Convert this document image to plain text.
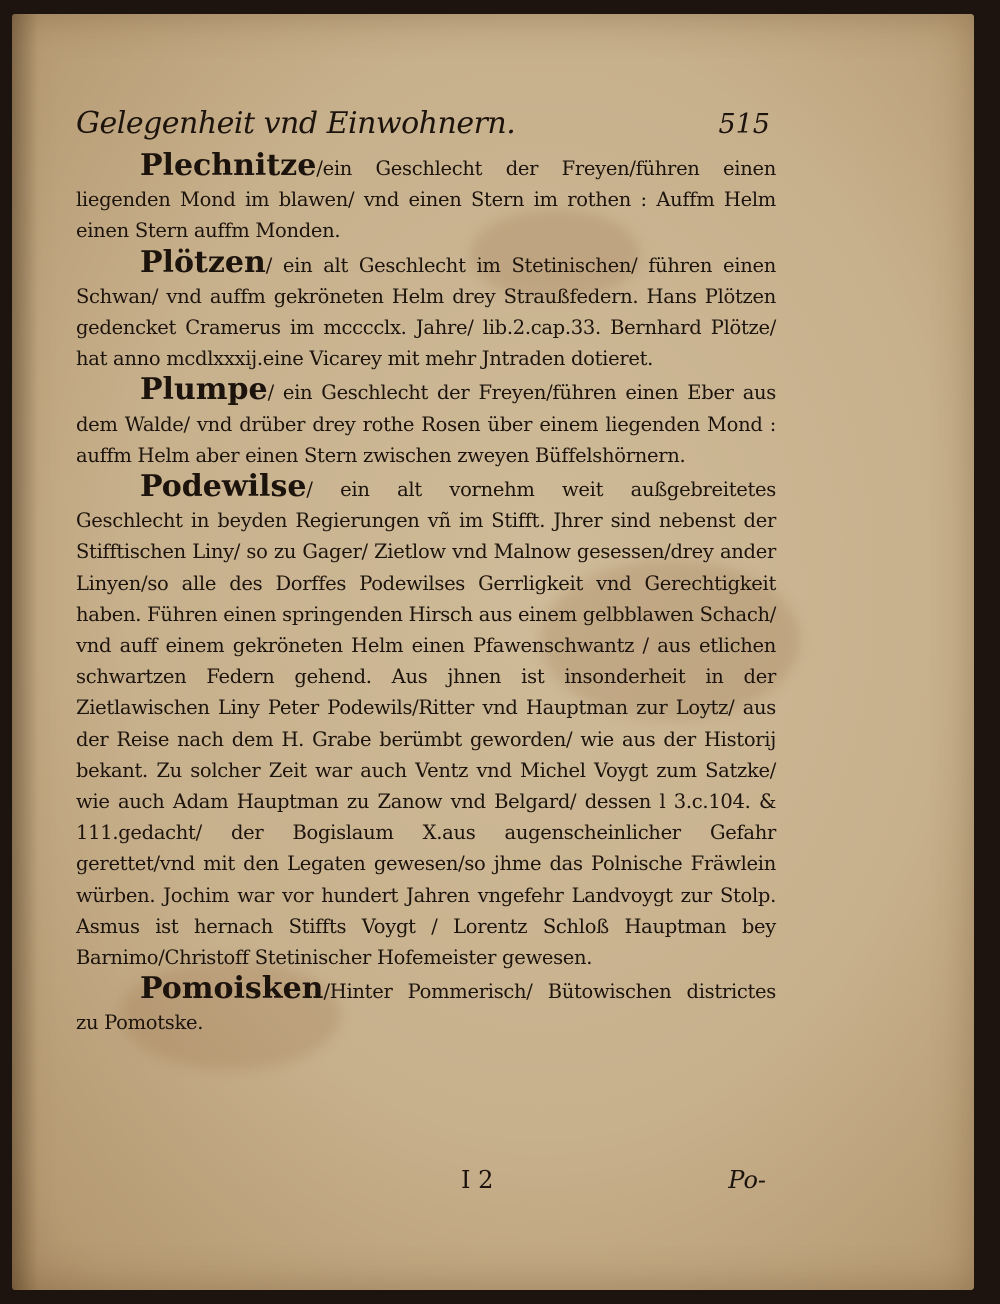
Gelegenheit vnd Einwohnern.	515

Plechnitze/ein Geschlecht der Freyen/führen einen liegenden Mond im blawen/ vnd einen Stern im rothen : Auffm Helm einen Stern auffm Monden.

Plötzen/ ein alt Geschlecht im Stetinischen/ führen einen Schwan/ vnd auffm gekröneten Helm drey Straußfedern. Hans Plötzen gedencket Cramerus im mcccclx. Jahre/ lib.2.cap.33. Bernhard Plötze/ hat anno mcdlxxxij.eine Vicarey mit mehr Jntraden dotieret.

Plumpe/ ein Geschlecht der Freyen/führen einen Eber aus dem Walde/ vnd drüber drey rothe Rosen über einem liegenden Mond : auffm Helm aber einen Stern zwischen zweyen Büffelshörnern.

Podewilse/ ein alt vornehm weit außgebreitetes Geschlecht in beyden Regierungen vñ im Stifft. Jhrer sind nebenst der Stifftischen Liny/ so zu Gager/ Zietlow vnd Malnow gesessen/drey ander Linyen/so alle des Dorffes Podewilses Gerrligkeit vnd Gerechtigkeit haben. Führen einen springenden Hirsch aus einem gelbblawen Schach/ vnd auff einem gekröneten Helm einen Pfawenschwantz / aus etlichen schwartzen Federn gehend. Aus jhnen ist insonderheit in der Zietlawischen Liny Peter Podewils/Ritter vnd Hauptman zur Loytz/ aus der Reise nach dem H. Grabe berümbt geworden/ wie aus der Historij bekant. Zu solcher Zeit war auch Ventz vnd Michel Voygt zum Satzke/ wie auch Adam Hauptman zu Zanow vnd Belgard/ dessen l 3.c.104. & 111.gedacht/ der Bogislaum X.aus augenscheinlicher Gefahr gerettet/vnd mit den Legaten gewesen/so jhme das Polnische Fräwlein würben. Jochim war vor hundert Jahren vngefehr Landvoygt zur Stolp. Asmus ist hernach Stiffts Voygt / Lorentz Schloß Hauptman bey Barnimo/Christoff Stetinischer Hofemeister gewesen.

Pomoisken/Hinter Pommerisch/ Bütowischen districtes zu Pomotske.

I 2	Po-
